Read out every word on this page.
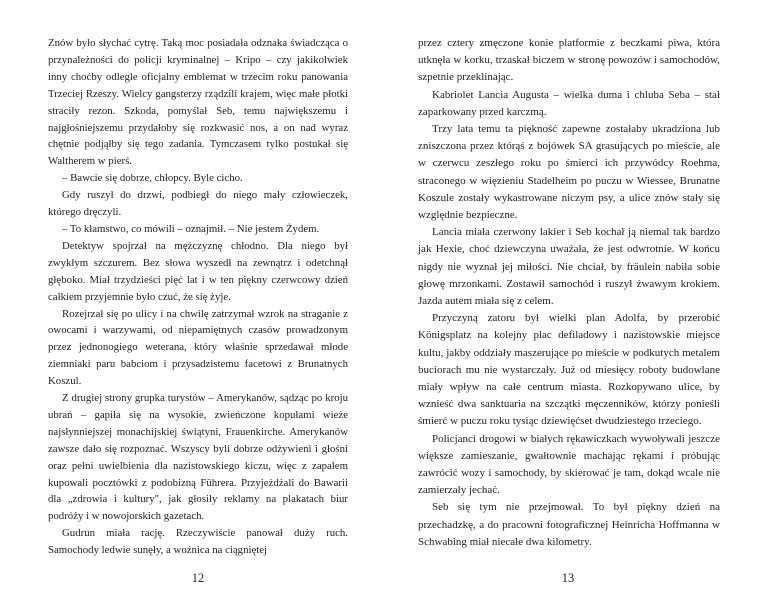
Znów było słychać cytrę. Taką moc posiadała odznaka świadcząca o przynależności do policji kryminalnej – Kripo – czy jakikolwiek inny choćby odlegle oficjalny emblemat w trzecim roku panowania Trzeciej Rzeszy. Wielcy gangsterzy rządzili krajem, więc małe płotki straciły rezon. Szkoda, pomyślał Seb, temu największemu i najgłośniejszemu przydałoby się rozkwasić nos, a on nad wyraz chętnie podjąłby się tego zadania. Tymczasem tylko postukał się Waltherem w pierś.

– Bawcie się dobrze, chłopcy. Byle cicho.

Gdy ruszył do drzwi, podbiegł do niego mały człowieczek, którego dręczyli.

– To kłamstwo, co mówili – oznajmił. – Nie jestem Żydem.

Detektyw spojrzał na mężczyznę chłodno. Dla niego był zwykłym szczurem. Bez słowa wyszedł na zewnątrz i odetchnął głęboko. Miał trzydzieści pięć lat i w ten piękny czerwcowy dzień całkiem przyjemnie było czuć, że się żyje.

Rozejrzał się po ulicy i na chwilę zatrzymał wzrok na straganie z owocami i warzywami, od niepamiętnych czasów prowadzonym przez jednonogiego weterana, który właśnie sprzedawał młode ziemniaki paru babciom i przysadzistemu facetowi z Brunatnych Koszul.

Z drugiej strony grupka turystów – Amerykanów, sądząc po kroju ubrań – gapiła się na wysokie, zwieńczone kopułami wieże najsłynniejszej monachijskiej świątyni, Frauenkirche. Amerykanów zawsze dało się rozpoznać. Wszyscy byli dobrze odżywieni i głośni oraz pełni uwielbienia dla nazistowskiego kiczu, więc z zapałem kupowali pocztówki z podobizną Führera. Przyjeżdżali do Bawarii dla „zdrowia i kultury", jak głosiły reklamy na plakatach biur podróży i w nowojorskich gazetach.

Gudrun miała rację. Rzeczywiście panował duży ruch. Samochody ledwie sunęły, a woźnica na ciągniętej

12

przez cztery zmęczone konie platformie z beczkami piwa, która utknęła w korku, trzaskał biczem w stronę powozów i samochodów, szpetnie przeklinając.

Kabriolet Lancia Augusta – wielka duma i chluba Seba – stał zaparkowany przed karczmą.

Trzy lata temu ta piękność zapewne zostałaby ukradziona lub zniszczona przez którąś z bojówek SA grasujących po mieście, ale w czerwcu zeszłego roku po śmierci ich przywódcy Roehma, straconego w więzieniu Stadelheim po puczu w Wiessee, Brunatne Koszule zostały wykastrowane niczym psy, a ulice znów stały się względnie bezpieczne.

Lancia miała czerwony lakier i Seb kochał ją niemal tak bardzo jak Hexie, choć dziewczyna uważała, że jest odwrotnie. W końcu nigdy nie wyznał jej miłości. Nie chciał, by fräulein nabiła sobie głowę mrzonkami. Zostawił samochód i ruszył żwawym krokiem. Jazda autem miała się z celem.

Przyczyną zatoru był wielki plan Adolfa, by przerobić Königsplatz na kolejny plac defiladowy i nazistowskie miejsce kultu, jakby oddziały maszerujące po mieście w podkutych metalem buciorach mu nie wystarczały. Już od miesięcy roboty budowlane miały wpływ na całe centrum miasta. Rozkopywano ulice, by wznieść dwa sanktuaria na szczątki męczenników, którzy ponieśli śmierć w puczu roku tysiąc dziewięćset dwudziestego trzeciego.

Policjanci drogowi w białych rękawiczkach wywoływali jeszcze większe zamieszanie, gwałtownie machając rękami i próbując zawrócić wozy i samochody, by skierować je tam, dokąd wcale nie zamierzały jechać.

Seb się tym nie przejmował. To był piękny dzień na przechadzkę, a do pracowni fotograficznej Heinricha Hoffmanna w Schwabing miał niecałe dwa kilometry.

13
